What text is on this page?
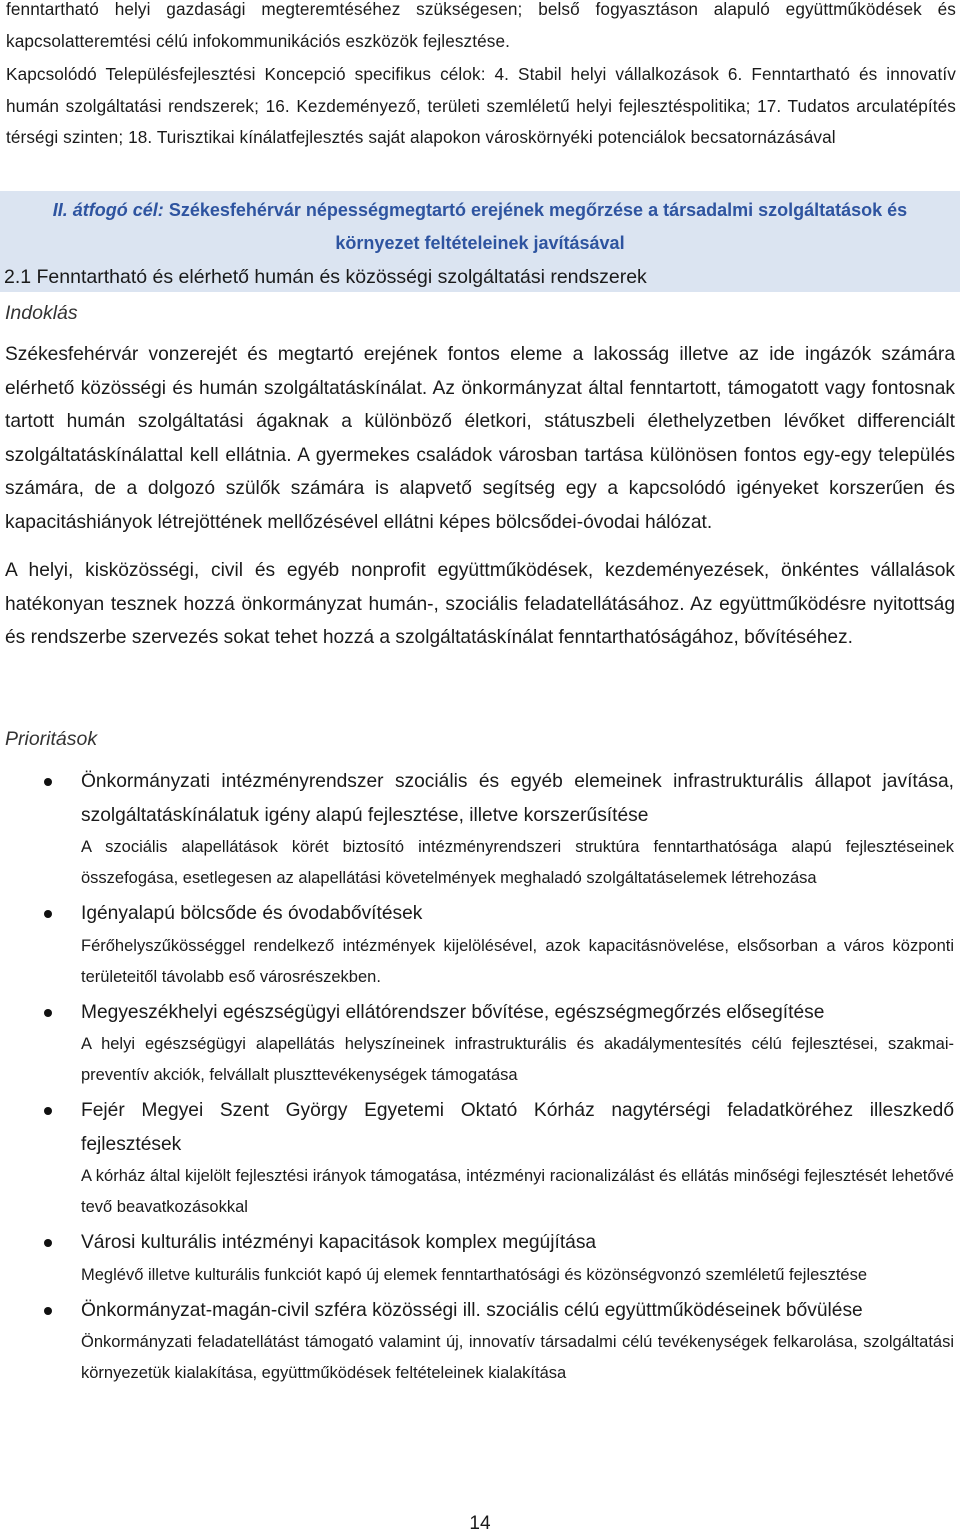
fenntartható helyi gazdasági megteremtéséhez szükségesen; belső fogyasztáson alapuló együttműködések és kapcsolatteremtési célú infokommunikációs eszközök fejlesztése.
Kapcsolódó Településfejlesztési Koncepció specifikus célok: 4. Stabil helyi vállalkozások 6. Fenntartható és innovatív humán szolgáltatási rendszerek; 16. Kezdeményező, területi szemléletű helyi fejlesztéspolitika; 17. Tudatos arculatépítés térségi szinten; 18. Turisztikai kínálatfejlesztés saját alapokon városkörnyéki potenciálok becsatornázásával
II. átfogó cél: Székesfehérvár népességmegtartó erejének megőrzése a társadalmi szolgáltatások és környezet feltételeinek javításával
2.1 Fenntartható és elérhető humán és közösségi szolgáltatási rendszerek
Indoklás

Székesfehérvár vonzerejét és megtartó erejének fontos eleme a lakosság illetve az ide ingázók számára elérhető közösségi és humán szolgáltatáskínálat. Az önkormányzat által fenntartott, támogatott vagy fontosnak tartott humán szolgáltatási ágaknak a különböző életkori, státuszbeli élethelyzetben lévőket differenciált szolgáltatáskínálattal kell ellátnia. A gyermekes családok városban tartása különösen fontos egy-egy település számára, de a dolgozó szülők számára is alapvető segítség egy a kapcsolódó igényeket korszerűen és kapacitáshiányok létrejöttének mellőzésével ellátni képes bölcsődei-óvodai hálózat.

A helyi, kisközösségi, civil és egyéb nonprofit együttműködések, kezdeményezések, önkéntes vállalások hatékonyan tesznek hozzá önkormányzat humán-, szociális feladatellátásához. Az együttműködésre nyitottság és rendszerbe szervezés sokat tehet hozzá a szolgáltatáskínálat fenntarthatóságához, bővítéséhez.

Prioritások
Önkormányzati intézményrendszer szociális és egyéb elemeinek infrastrukturális állapot javítása, szolgáltatáskínálatuk igény alapú fejlesztése, illetve korszerűsítése
A szociális alapellátások körét biztosító intézményrendszeri struktúra fenntarthatósága alapú fejlesztéseinek összefogása, esetlegesen az alapellátási követelmények meghaladó szolgáltatáselemek létrehozása
Igényalapú bölcsőde és óvodabővítések
Férőhelyszűkösséggel rendelkező intézmények kijelölésével, azok kapacitásnövelése, elsősorban a város központi területeitől távolabb eső városrészekben.
Megyeszékhelyi egészségügyi ellátórendszer bővítése, egészségmegőrzés elősegítése
A helyi egészségügyi alapellátás helyszíneinek infrastrukturális és akadálymentesítés célú fejlesztései, szakmai-preventív akciók, felvállalt pluszttevékenységek támogatása
Fejér Megyei Szent György Egyetemi Oktató Kórház nagytérségi feladatköréhez illeszkedő fejlesztések
A kórház által kijelölt fejlesztési irányok támogatása, intézményi racionalizálást és ellátás minőségi fejlesztését lehetővé tevő beavatkozásokkal
Városi kulturális intézményi kapacitások komplex megújítása
Meglévő illetve kulturális funkciót kapó új elemek fenntarthatósági és közönségvonzó szemléletű fejlesztése
Önkormányzat-magán-civil szféra közösségi ill. szociális célú együttműködéseinek bővülése
Önkormányzati feladatellátást támogató valamint új, innovatív társadalmi célú tevékenységek felkarolása, szolgáltatási környezetük kialakítása, együttműködések feltételeinek kialakítása
14
